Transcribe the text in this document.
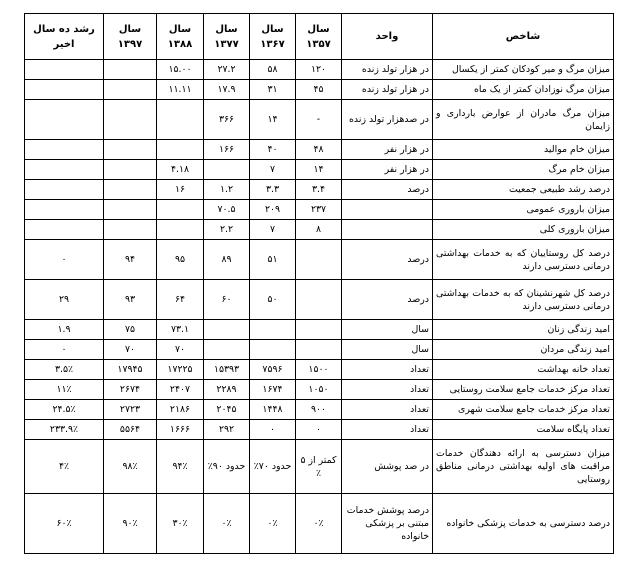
شاخص	واحد	سال ۱۳۵۷	سال ۱۳۶۷	سال ۱۳۷۷	سال ۱۳۸۸	سال ۱۳۹۷	رشد ده سال اخیر
میزان مرگ و میر کودکان کمتر از یکسال	در هزار تولد زنده	۱۲۰	۵۸	۲۷.۲	۱۵.۰۰		
میزان مرگ نوزادان کمتر از یک ماه	در هزار تولد زنده	۴۵	۳۱	۱۷.۹	۱۱.۱۱		
میزان مرگ مادران از عوارض بارداری و زایمان	در صدهزار تولد زنده	-	۱۴	۳۶۶			
میزان خام موالید	در هزار نفر	۴۸	۴۰	۱۶۶			
میزان خام مرگ	در هزار نفر	۱۴	۷		۴.۱۸		
درصد رشد طبیعی جمعیت	درصد	۳.۴	۳.۳	۱.۲	۱۶		
میزان باروری عمومی		۲۳۷	۲۰۹	۷۰.۵			
میزان باروری کلی		۸	۷	۲.۲			
درصد کل روستاییان که به خدمات بهداشتی درمانی دسترسی دارند	درصد		۵۱	۸۹	۹۵	۹۴	۰
درصد کل شهرنشینان که به خدمات بهداشتی درمانی دسترسی دارند	درصد		۵۰	۶۰	۶۴	۹۳	۲۹
امید زندگی زنان	سال				۷۳.۱	۷۵	۱.۹
امید زندگی مردان	سال				۷۰	۷۰	۰
تعداد خانه بهداشت	تعداد	۱۵۰۰	۷۵۹۶	۱۵۳۹۳	۱۷۲۲۵	۱۷۹۴۵	۳.۵٪
تعداد مرکز خدمات جامع سلامت روستایی	تعداد	۱۰۵۰	۱۶۷۴	۲۲۸۹	۲۴۰۷	۲۶۷۴	۱۱٪
تعداد مرکز خدمات جامع سلامت شهری	تعداد	۹۰۰	۱۴۴۸	۲۰۴۵	۲۱۸۶	۲۷۲۳	۲۴.۵٪
تعداد پایگاه سلامت	تعداد	۰	۰	۲۹۲	۱۶۶۶	۵۵۶۴	۲۳۳.۹٪
میزان دسترسی به ارائه دهندگان خدمات مراقبت های اولیه بهداشتی درمانی مناطق روستایی	در صد پوشش	کمتر از ۵ ٪	حدود ۷۰٪	حدود ۹۰٪	۹۴٪	۹۸٪	۴٪
درصد دسترسی به خدمات پزشکی خانواده	درصد پوشش خدمات مبتنی بر پزشکی خانواده	۰٪	۰٪	۰٪	۳۰٪	۹۰٪	۶۰٪
